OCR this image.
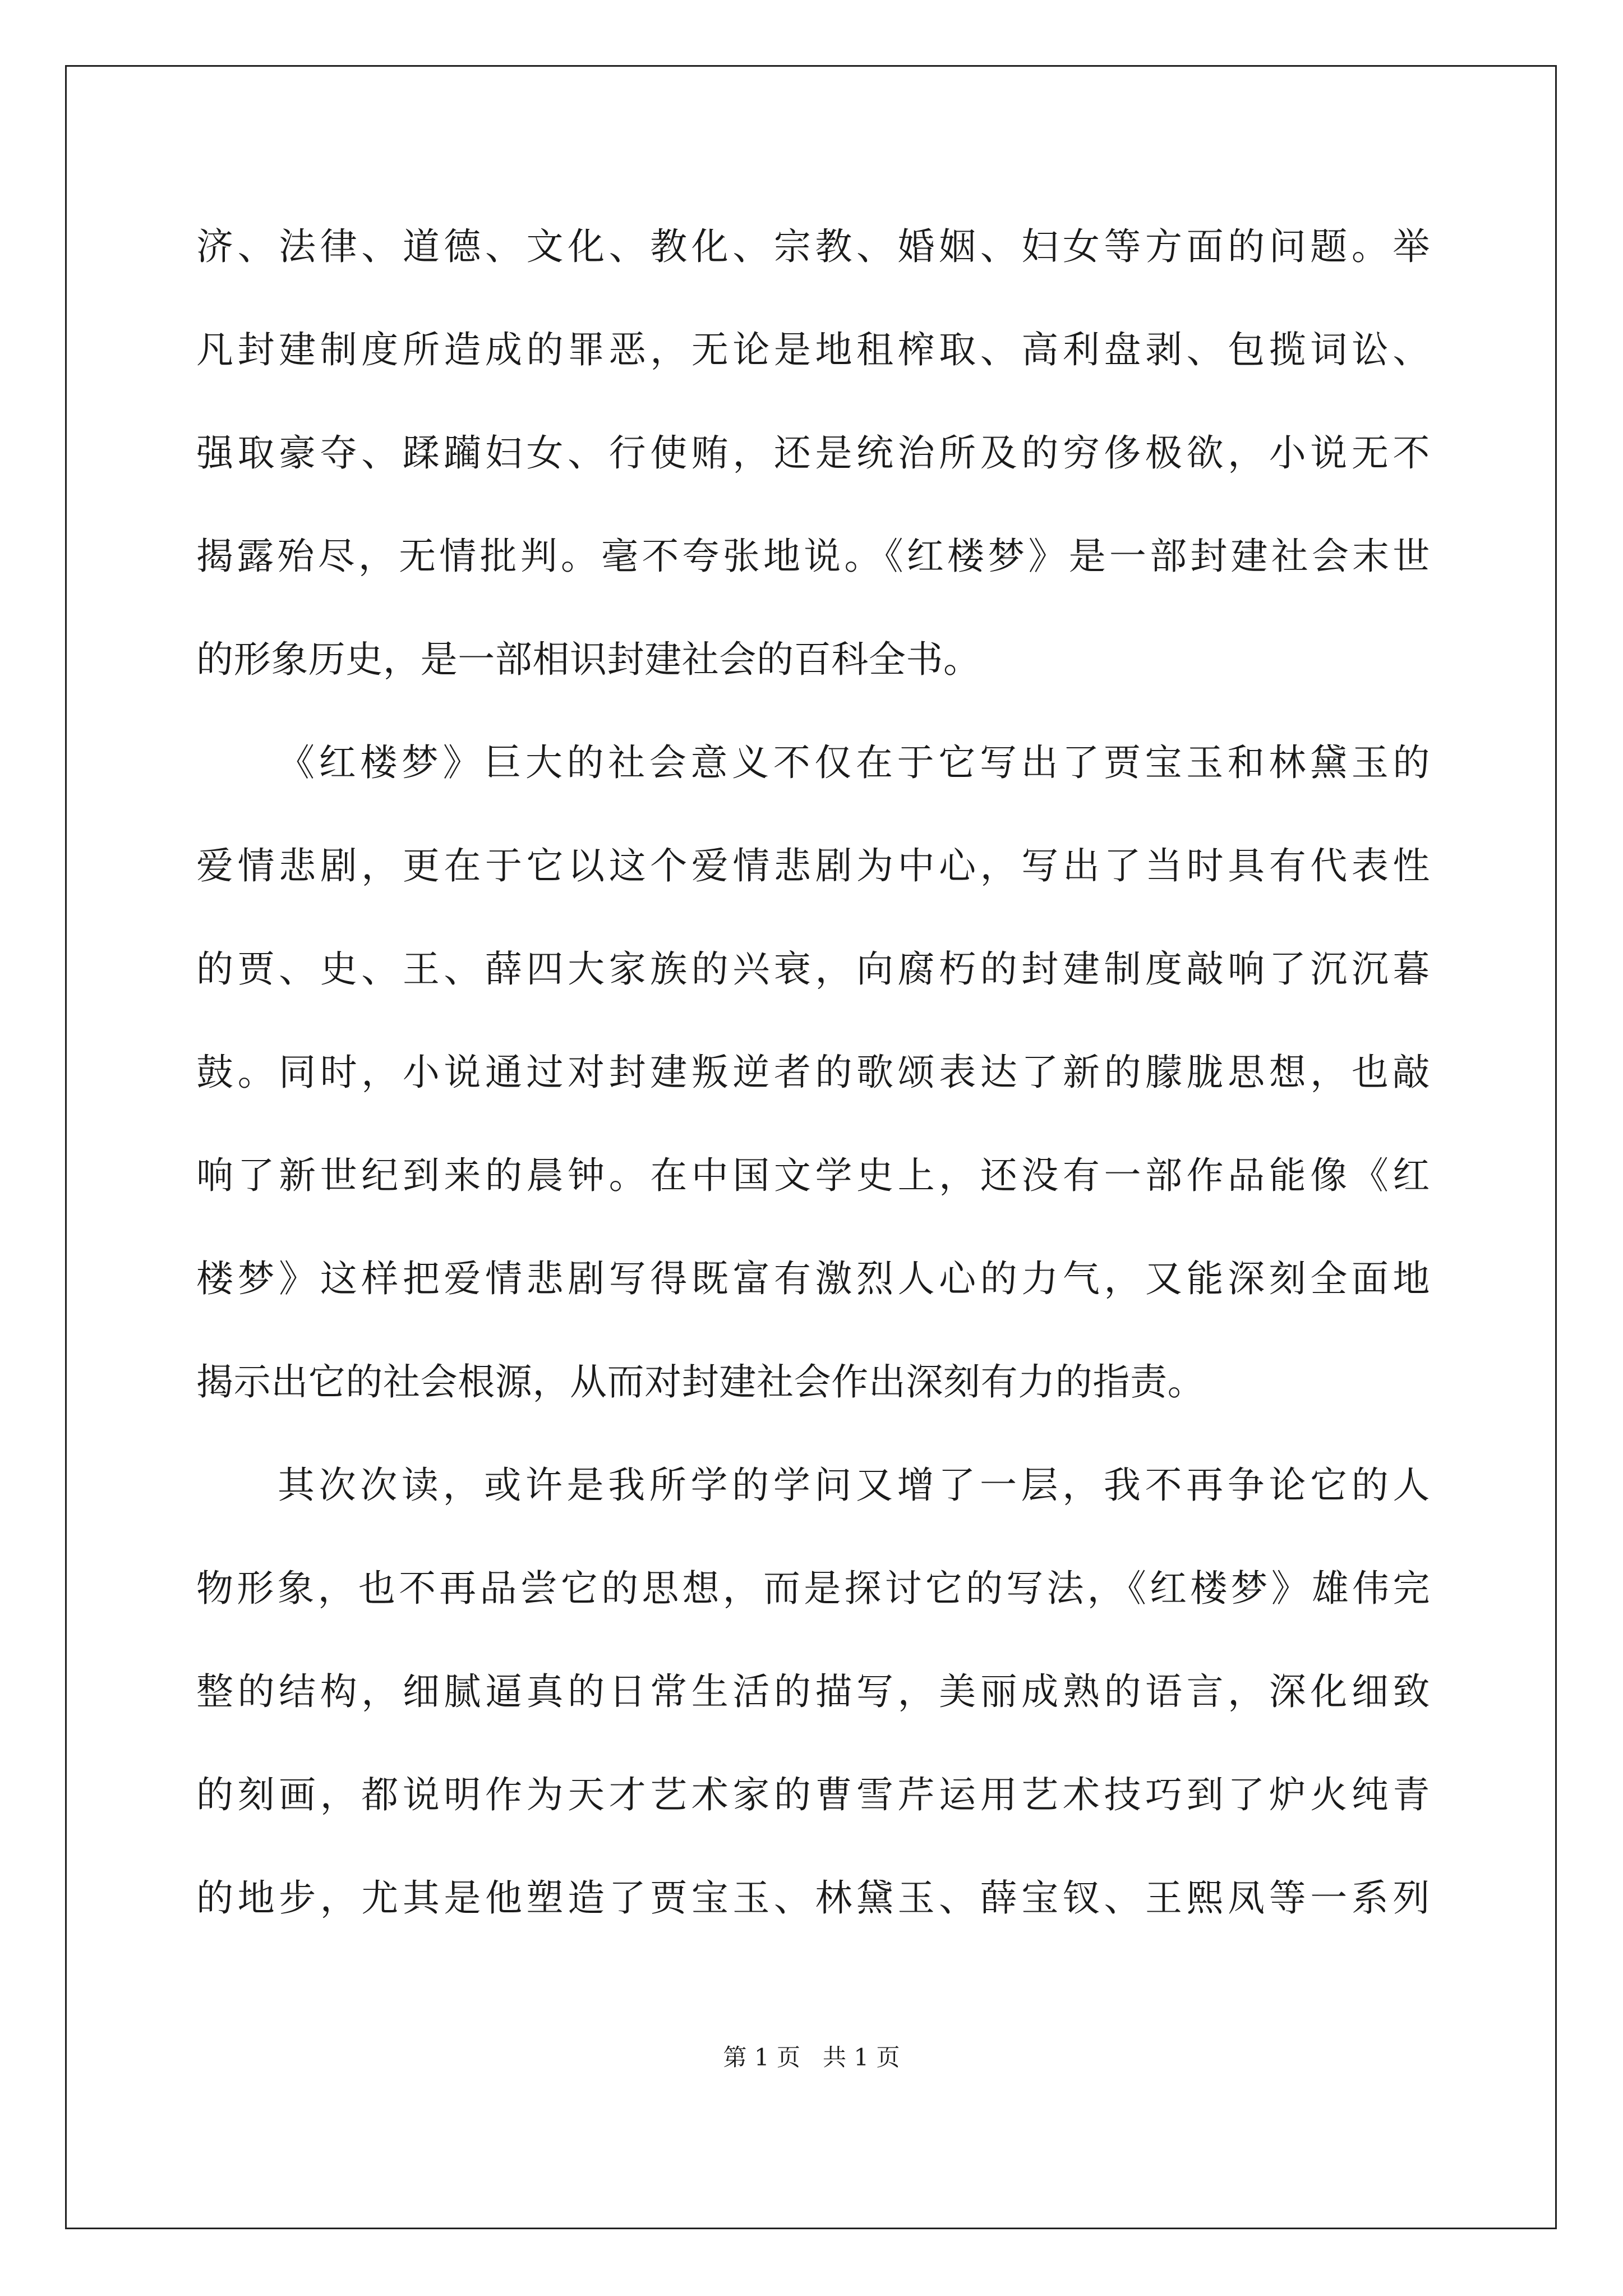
济、法律、道德、文化、教化、宗教、婚姻、妇女等方面的问题。举
凡封建制度所造成的罪恶，无论是地租榨取、高利盘剥、包揽词讼、
强取豪夺、蹂躏妇女、行使贿，还是统治所及的穷侈极欲，小说无不
揭露殆尽，无情批判。毫不夸张地说。《红楼梦》是一部封建社会末世
的形象历史，是一部相识封建社会的百科全书。
《红楼梦》巨大的社会意义不仅在于它写出了贾宝玉和林黛玉的
爱情悲剧，更在于它以这个爱情悲剧为中心，写出了当时具有代表性
的贾、史、王、薛四大家族的兴衰，向腐朽的封建制度敲响了沉沉暮
鼓。同时，小说通过对封建叛逆者的歌颂表达了新的朦胧思想，也敲
响了新世纪到来的晨钟。在中国文学史上，还没有一部作品能像《红
楼梦》这样把爱情悲剧写得既富有激烈人心的力气，又能深刻全面地
揭示出它的社会根源，从而对封建社会作出深刻有力的指责。
其次次读，或许是我所学的学问又增了一层，我不再争论它的人
物形象，也不再品尝它的思想，而是探讨它的写法，《红楼梦》雄伟完
整的结构，细腻逼真的日常生活的描写，美丽成熟的语言，深化细致
的刻画，都说明作为天才艺术家的曹雪芹运用艺术技巧到了炉火纯青
的地步，尤其是他塑造了贾宝玉、林黛玉、薛宝钗、王熙凤等一系列
第 1 页   共 1 页
